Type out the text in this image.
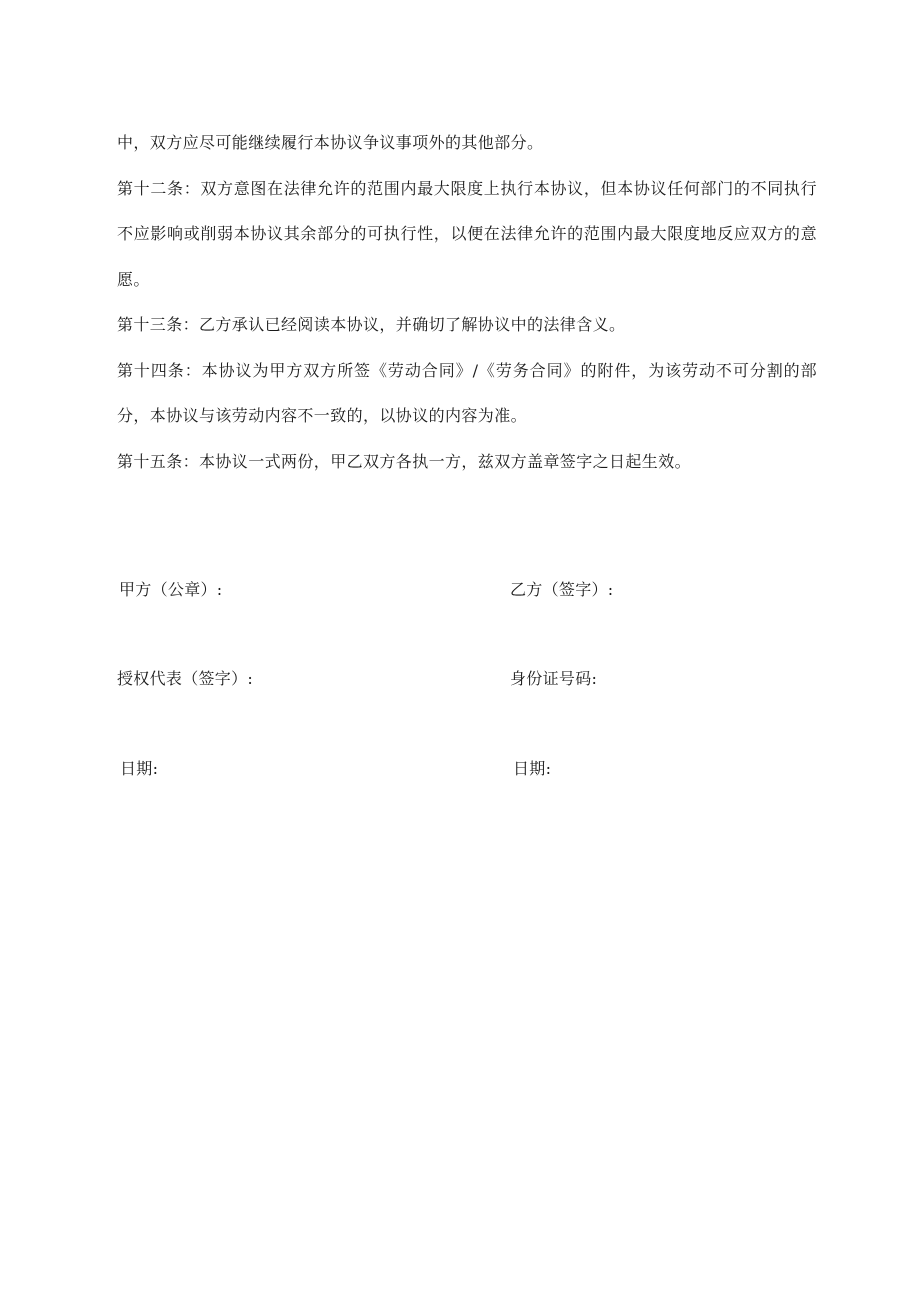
中，双方应尽可能继续履行本协议争议事项外的其他部分。

第十二条：双方意图在法律允许的范围内最大限度上执行本协议，但本协议任何部门的不同执行不应影响或削弱本协议其余部分的可执行性，以便在法律允许的范围内最大限度地反应双方的意愿。

第十三条：乙方承认已经阅读本协议，并确切了解协议中的法律含义。

第十四条：本协议为甲方双方所签《劳动合同》/《劳务合同》的附件，为该劳动不可分割的部分，本协议与该劳动内容不一致的，以协议的内容为准。

第十五条：本协议一式两份，甲乙双方各执一方，兹双方盖章签字之日起生效。

甲方（公章）:	乙方（签字）:
授权代表（签字）:	身份证号码:
日期:	日期:
